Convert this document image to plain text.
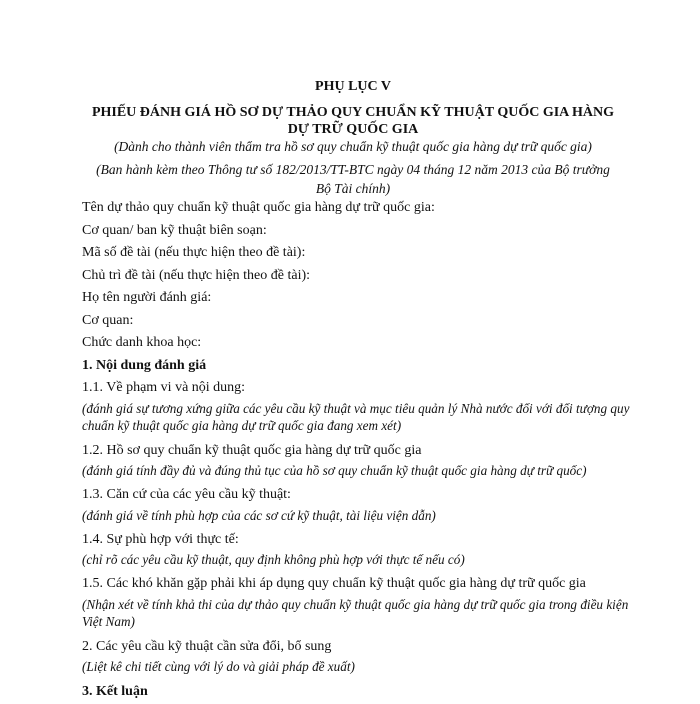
PHỤ LỤC V
PHIẾU ĐÁNH GIÁ HỒ SƠ DỰ THẢO QUY CHUẨN KỸ THUẬT QUỐC GIA HÀNG DỰ TRỮ QUỐC GIA
(Dành cho thành viên thẩm tra hồ sơ quy chuẩn kỹ thuật quốc gia hàng dự trữ quốc gia)
(Ban hành kèm theo Thông tư số 182/2013/TT-BTC ngày 04 tháng 12 năm 2013 của Bộ trưởng Bộ Tài chính)

Tên dự thảo quy chuẩn kỹ thuật quốc gia hàng dự trữ quốc gia:

Cơ quan/ ban kỹ thuật biên soạn:

Mã số đề tài (nếu thực hiện theo đề tài):

Chủ trì đề tài (nếu thực hiện theo đề tài):

Họ tên người đánh giá:

Cơ quan:

Chức danh khoa học:

1. Nội dung đánh giá

1.1. Về phạm vi và nội dung:

(đánh giá sự tương xứng giữa các yêu cầu kỹ thuật và mục tiêu quản lý Nhà nước đối với đối tượng quy chuẩn kỹ thuật quốc gia hàng dự trữ quốc gia đang xem xét)

1.2. Hồ sơ quy chuẩn kỹ thuật quốc gia hàng dự trữ quốc gia

(đánh giá tính đầy đủ và đúng thủ tục của hồ sơ quy chuẩn kỹ thuật quốc gia hàng dự trữ quốc)

1.3. Căn cứ của các yêu cầu kỹ thuật:

(đánh giá về tính phù hợp của các sơ cứ kỹ thuật, tài liệu viện dẫn)

1.4. Sự phù hợp với thực tế:

(chỉ rõ các yêu cầu kỹ thuật, quy định không phù hợp với thực tế nếu có)

1.5. Các khó khăn gặp phải khi áp dụng quy chuẩn kỹ thuật quốc gia hàng dự trữ quốc gia

(Nhận xét về tính khả thi của dự thảo quy chuẩn kỹ thuật quốc gia hàng dự trữ quốc gia trong điều kiện Việt Nam)

2. Các yêu cầu kỹ thuật cần sửa đổi, bổ sung

(Liệt kê chi tiết cùng với lý do và giải pháp đề xuất)

3. Kết luận
